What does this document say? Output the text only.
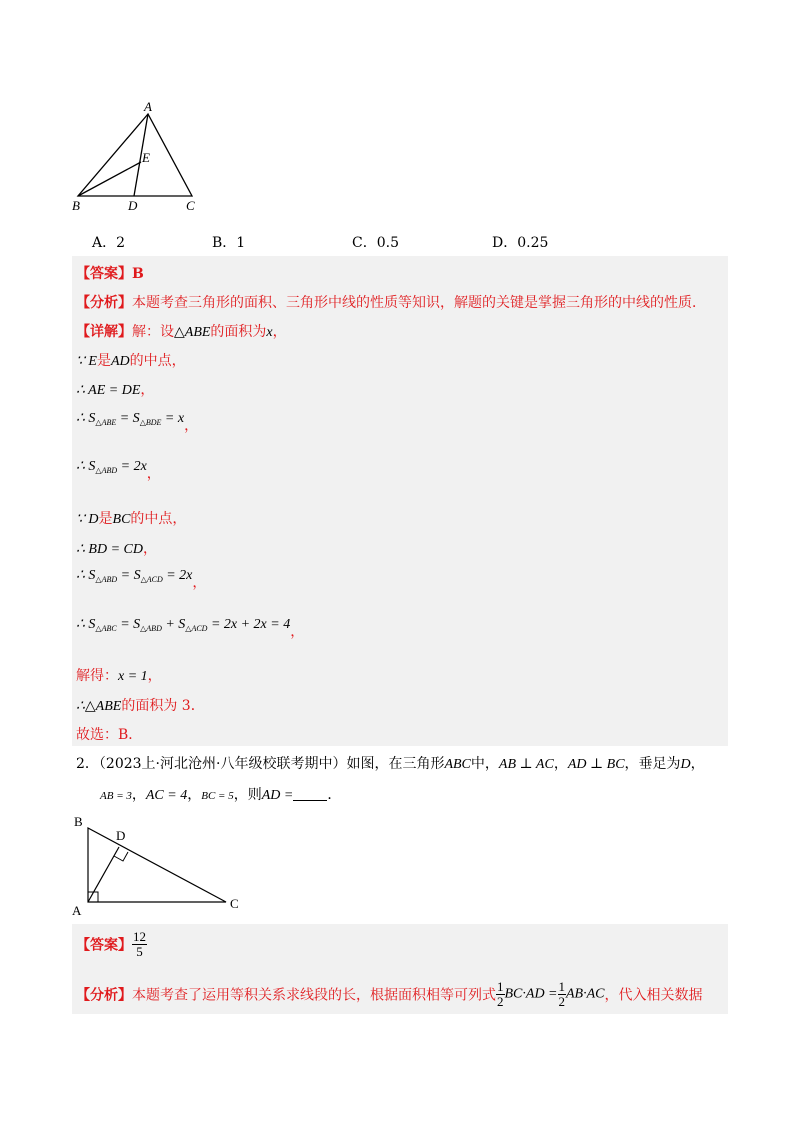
A
E
B	D	C
A．2	B．1	C．0.5	D．0.25
【答案】B
【分析】本题考查三角形的面积、三角形中线的性质等知识，解题的关键是掌握三角形的中线的性质．
【详解】解：设△ABE的面积为x，
∵ E是AD的中点，
∴ AE = DE，
∴ $S_{\triangle ABE} = S_{\triangle BDE} = x$，
∴ $S_{\triangle ABD} = 2x$，
∵ D是BC的中点，
∴ BD = CD，
∴ $S_{\triangle ABD} = S_{\triangle ACD} = 2x$，
∴ $S_{\triangle ABC} = S_{\triangle ABD} + S_{\triangle ACD} = 2x + 2x = 4$，
解得：x = 1，
∴△ABE的面积为 3．
故选：B．
2．（2023上·河北沧州·八年级校联考期中）如图，在三角形ABC中，AB ⊥ AC，AD ⊥ BC，垂足为D，
AB = 3，AC = 4，BC = 5，则AD = ．
B
D
A	C
【答案】 $\frac{12}{5}$
【分析】本题考查了运用等积关系求线段的长，根据面积相等可列式 $\frac{1}{2} BC\cdot AD = \frac{1}{2} AB\cdot AC$，代入相关数据
